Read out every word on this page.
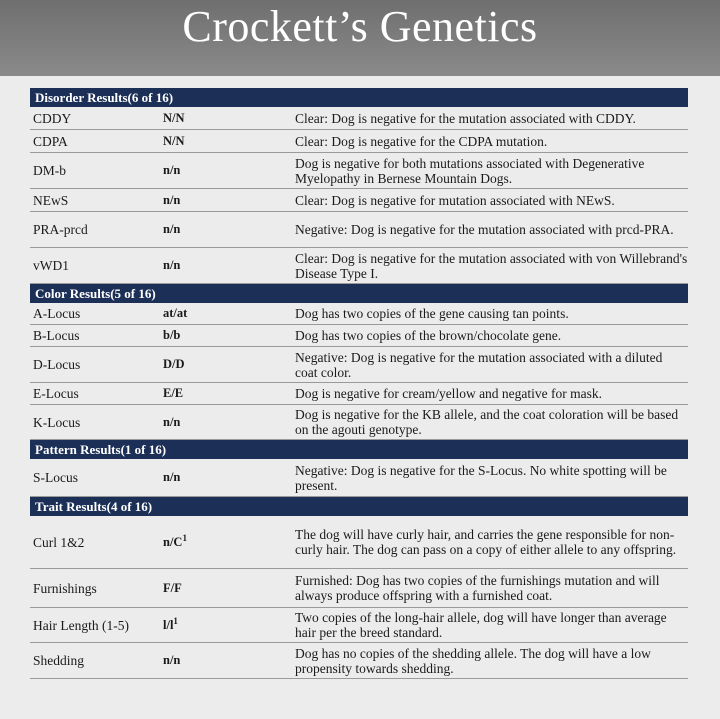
Crockett’s Genetics
Disorder Results(6 of 16)
CDDY	N/N	Clear: Dog is negative for the mutation associated with CDDY.
CDPA	N/N	Clear: Dog is negative for the CDPA mutation.
DM-b	n/n	Dog is negative for both mutations associated with Degenerative Myelopathy in Bernese Mountain Dogs.
NEwS	n/n	Clear: Dog is negative for mutation associated with NEwS.
PRA-prcd	n/n	Negative: Dog is negative for the mutation associated with prcd-PRA.
vWD1	n/n	Clear: Dog is negative for the mutation associated with von Willebrand's Disease Type I.
Color Results(5 of 16)
A-Locus	at/at	Dog has two copies of the gene causing tan points.
B-Locus	b/b	Dog has two copies of the brown/chocolate gene.
D-Locus	D/D	Negative: Dog is negative for the mutation associated with a diluted coat color.
E-Locus	E/E	Dog is negative for cream/yellow and negative for mask.
K-Locus	n/n	Dog is negative for the KB allele, and the coat coloration will be based on the agouti genotype.
Pattern Results(1 of 16)
S-Locus	n/n	Negative: Dog is negative for the S-Locus. No white spotting will be present.
Trait Results(4 of 16)
Curl 1&2	$n/C^1$	The dog will have curly hair, and carries the gene responsible for non-curly hair. The dog can pass on a copy of either allele to any offspring.
Furnishings	F/F	Furnished: Dog has two copies of the furnishings mutation and will always produce offspring with a furnished coat.
Hair Length (1-5)	$l/l^1$	Two copies of the long-hair allele, dog will have longer than average hair per the breed standard.
Shedding	n/n	Dog has no copies of the shedding allele. The dog will have a low propensity towards shedding.
